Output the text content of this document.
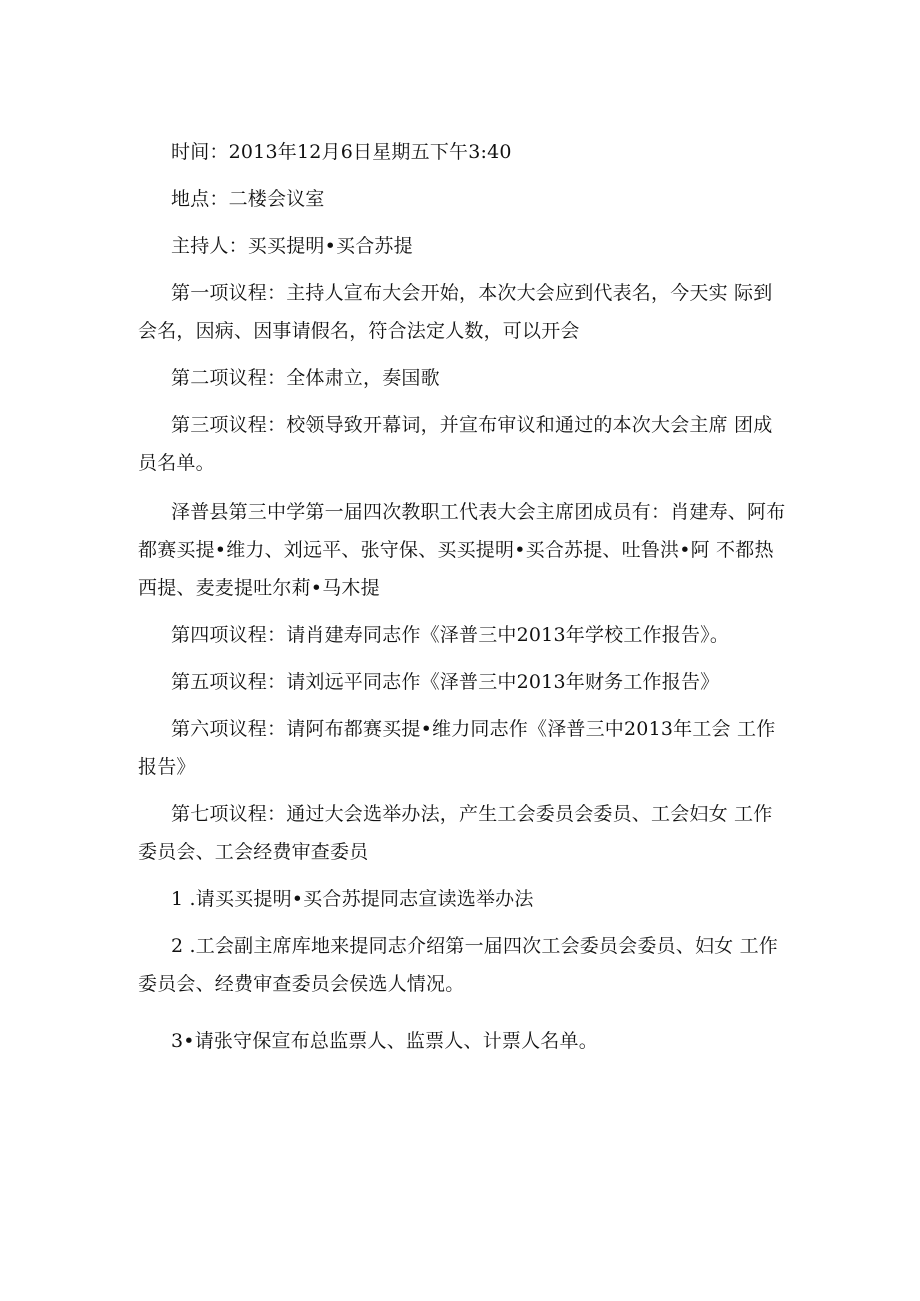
时间：2013年12月6日星期五下午3:40

地点：二楼会议室

主持人：买买提明•买合苏提

第一项议程：主持人宣布大会开始，本次大会应到代表名，今天实 际到会名，因病、因事请假名，符合法定人数，可以开会

第二项议程：全体肃立，奏国歌

第三项议程：校领导致开幕词，并宣布审议和通过的本次大会主席 团成员名单。

泽普县第三中学第一届四次教职工代表大会主席团成员有：肖建寿、阿布都赛买提•维力、刘远平、张守保、买买提明•买合苏提、吐鲁洪•阿 不都热西提、麦麦提吐尔莉•马木提

第四项议程：请肖建寿同志作《泽普三中2013年学校工作报告》。

第五项议程：请刘远平同志作《泽普三中2013年财务工作报告》

第六项议程：请阿布都赛买提•维力同志作《泽普三中2013年工会 工作报告》

第七项议程：通过大会选举办法，产生工会委员会委员、工会妇女 工作委员会、工会经费审查委员

1 .请买买提明•买合苏提同志宣读选举办法

2 .工会副主席库地来提同志介绍第一届四次工会委员会委员、妇女 工作委员会、经费审查委员会侯选人情况。

3•请张守保宣布总监票人、监票人、计票人名单。
